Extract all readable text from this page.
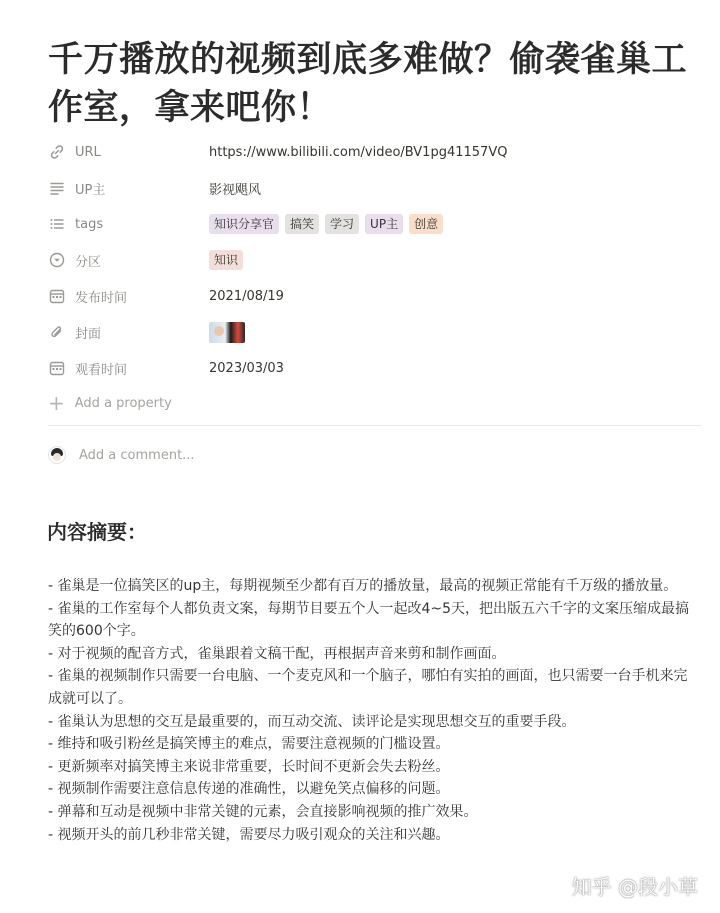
千万播放的视频到底多难做？偷袭雀巢工作室，拿来吧你！
URL	https://www.bilibili.com/video/BV1pg41157VQ
UP主	影视飓风
tags	知识分享官	搞笑	学习	UP主	创意
分区	知识
发布时间	2021/08/19
封面
观看时间	2023/03/03
+ Add a property
Add a comment...
内容摘要：
- 雀巢是一位搞笑区的up主，每期视频至少都有百万的播放量，最高的视频正常能有千万级的播放量。
- 雀巢的工作室每个人都负责文案，每期节目要五个人一起改4~5天，把出版五六千字的文案压缩成最搞笑的600个字。
- 对于视频的配音方式，雀巢跟着文稿干配，再根据声音来剪和制作画面。
- 雀巢的视频制作只需要一台电脑、一个麦克风和一个脑子，哪怕有实拍的画面，也只需要一台手机来完成就可以了。
- 雀巢认为思想的交互是最重要的，而互动交流、读评论是实现思想交互的重要手段。
- 维持和吸引粉丝是搞笑博主的难点，需要注意视频的门槛设置。
- 更新频率对搞笑博主来说非常重要，长时间不更新会失去粉丝。
- 视频制作需要注意信息传递的准确性，以避免笑点偏移的问题。
- 弹幕和互动是视频中非常关键的元素，会直接影响视频的推广效果。
- 视频开头的前几秒非常关键，需要尽力吸引观众的关注和兴趣。
知乎 @段小草
